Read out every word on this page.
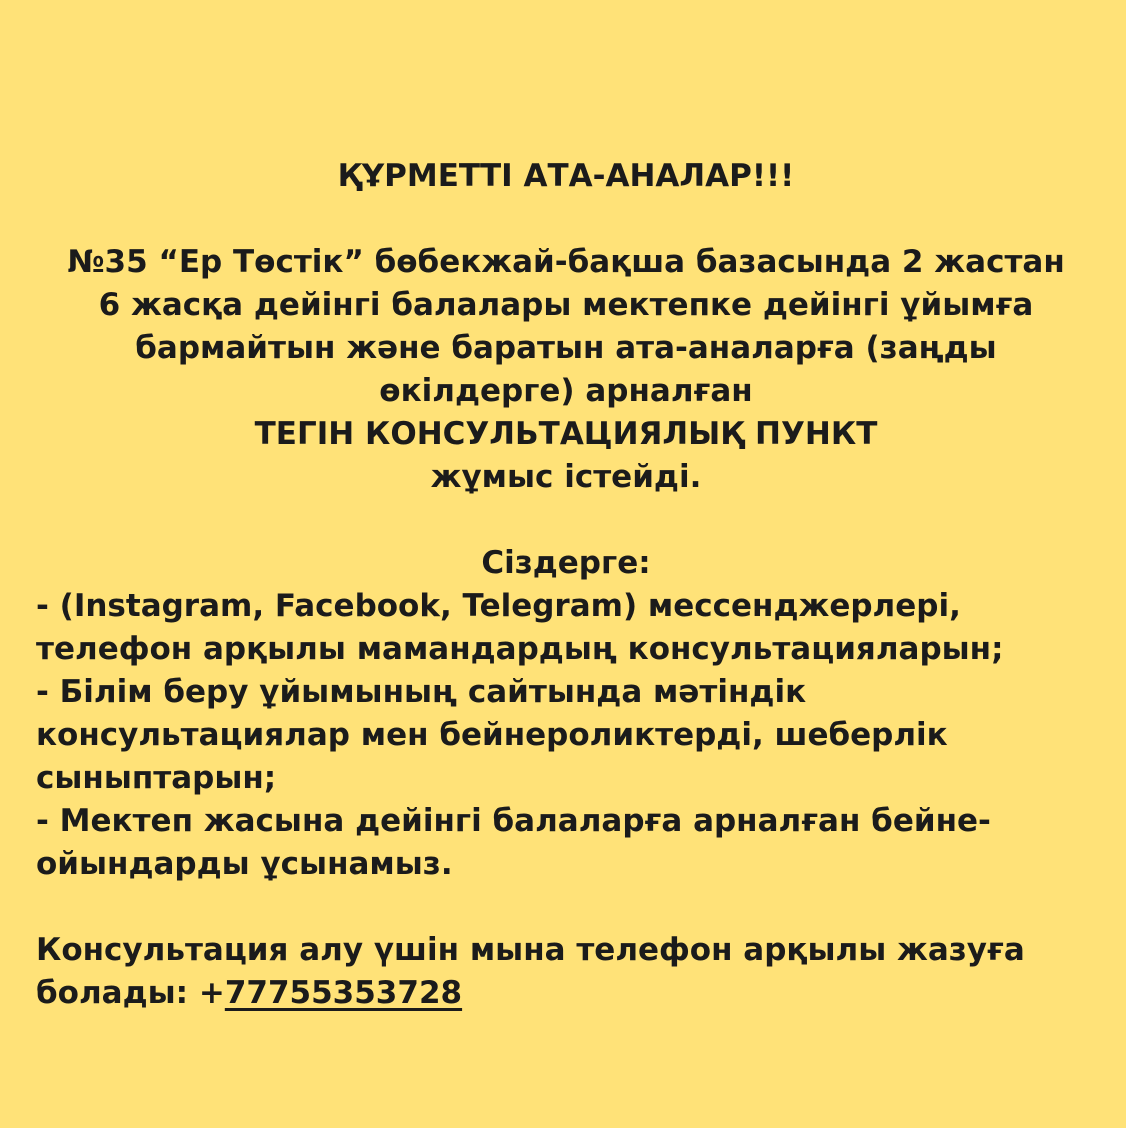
ҚҰРМЕТТІ АТА-АНАЛАР!!!
№35 “Ер Төстік” бөбекжай-бақша базасында 2 жастан
6 жасқа дейінгі балалары мектепке дейінгі ұйымға
бармайтын және баратын ата-аналарға (заңды
өкілдерге) арналған
ТЕГІН КОНСУЛЬТАЦИЯЛЫҚ ПУНКТ
жұмыс істейді.
Сіздерге:
- (Instagram, Facebook, Telegram) мессенджерлері,
телефон арқылы мамандардың консультацияларын;
- Білім беру ұйымының сайтында мәтіндік
консультациялар мен бейнероликтерді, шеберлік
сыныптарын;
- Мектеп жасына дейінгі балаларға арналған бейне-
ойындарды ұсынамыз.
Консультация алу үшін мына телефон арқылы жазуға
болады: +77755353728
